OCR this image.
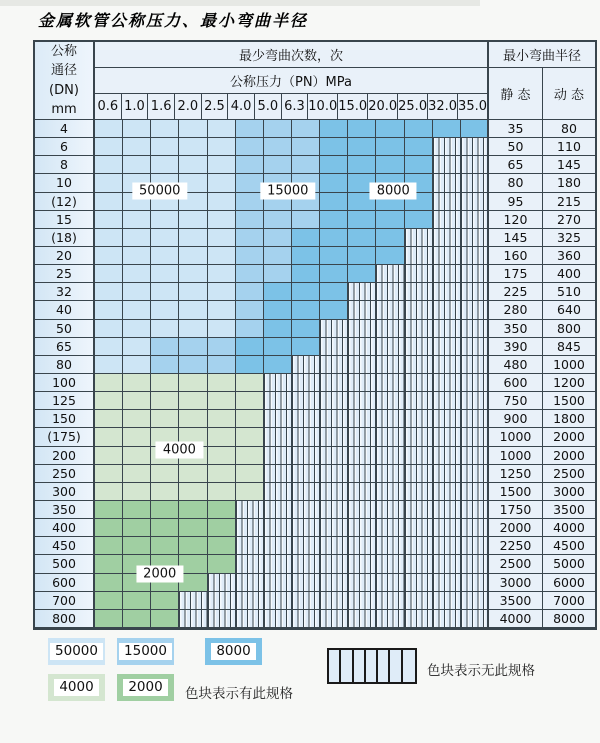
金属软管公称压力、最小弯曲半径
公称
通径
(DN)
mm
最少弯曲次数，次	最小弯曲半径
公称压力（PN）MPa
静 态	动 态
0.6 1.0 1.6 2.0 2.5 4.0 5.0 6.3 10.0 15.0 20.0 25.0 32.0 35.0
4	35	80
6	50	110
8	65	145
10	80	180
(12)	95	215
15	120	270
(18)	145	325
20	160	360
25	175	400
32	225	510
40	280	640
50	350	800
65	390	845
80	480	1000
100	600	1200
125	750	1500
150	900	1800
(175)	1000	2000
200	1000	2000
250	1250	2500
300	1500	3000
350	1750	3500
400	2000	4000
450	2250	4500
500	2500	5000
600	3000	6000
700	3500	7000
800	4000	8000
50000	15000	8000
4000
2000
50000	15000	8000
4000	2000	色块表示有此规格
色块表示无此规格
